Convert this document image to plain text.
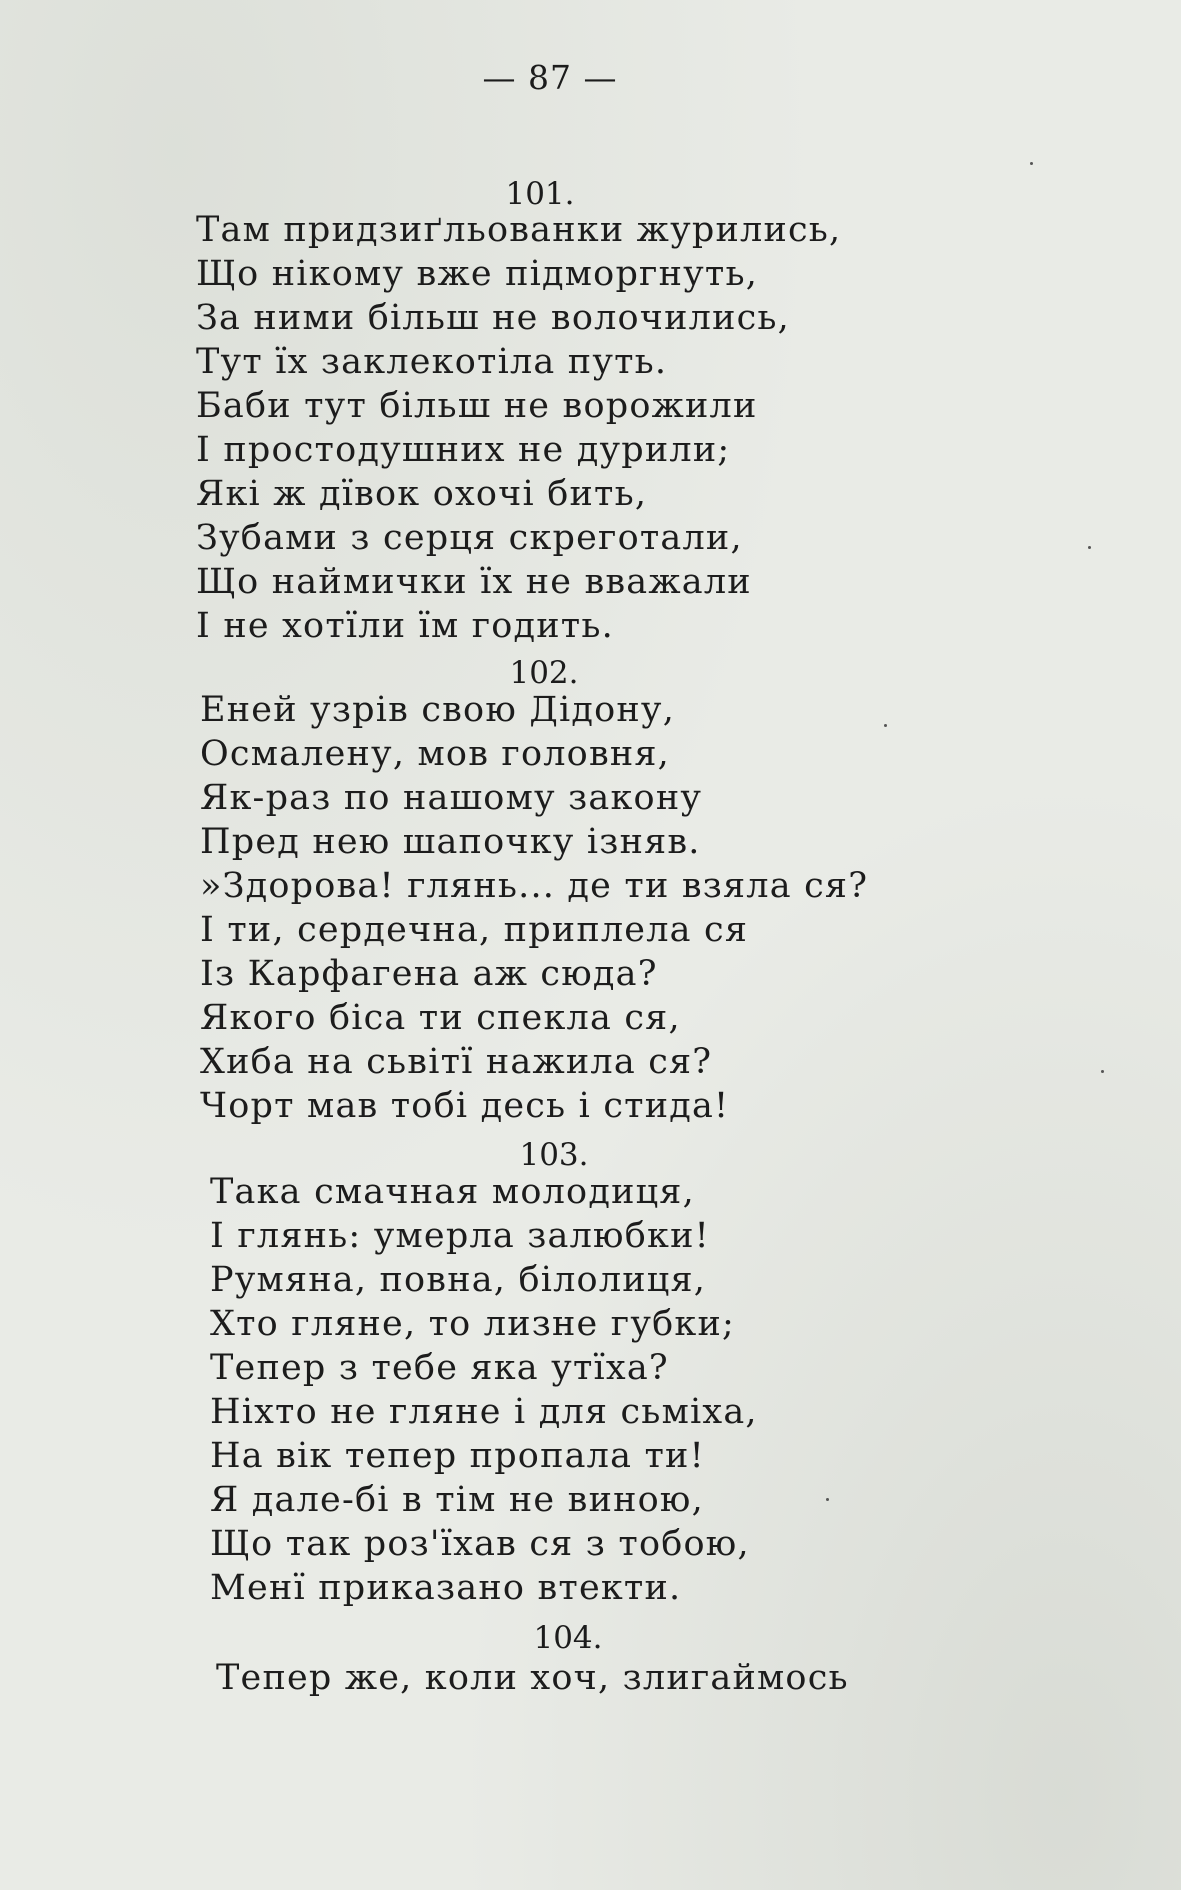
— 87 —
101.
Там придзиґльованки журились,
Що нікому вже підморгнуть,
За ними більш не волочились,
Тут їх заклекотіла путь.
Баби тут більш не ворожили
І простодушних не дурили;
Які ж дївок охочі бить,
Зубами з серця скреготали,
Що наймички їх не вважали
І не хотїли їм годить.
102.
Еней узрів свою Дідону,
Осмалену, мов головня,
Як-раз по нашому закону
Пред нею шапочку ізняв.
»Здорова! глянь... де ти взяла ся?
І ти, сердечна, приплела ся
Із Карфагена аж сюда?
Якого біса ти спекла ся,
Хиба на сьвітї нажила ся?
Чорт мав тобі десь і стида!
103.
Така смачная молодиця,
І глянь: умерла залюбки!
Румяна, повна, білолиця,
Хто гляне, то лизне губки;
Тепер з тебе яка утїха?
Ніхто не гляне і для сьміха,
На вік тепер пропала ти!
Я дале-бі в тім не виною,
Що так роз'їхав ся з тобою,
Менї приказано втекти.
104.
Тепер же, коли хоч, злигаймось
